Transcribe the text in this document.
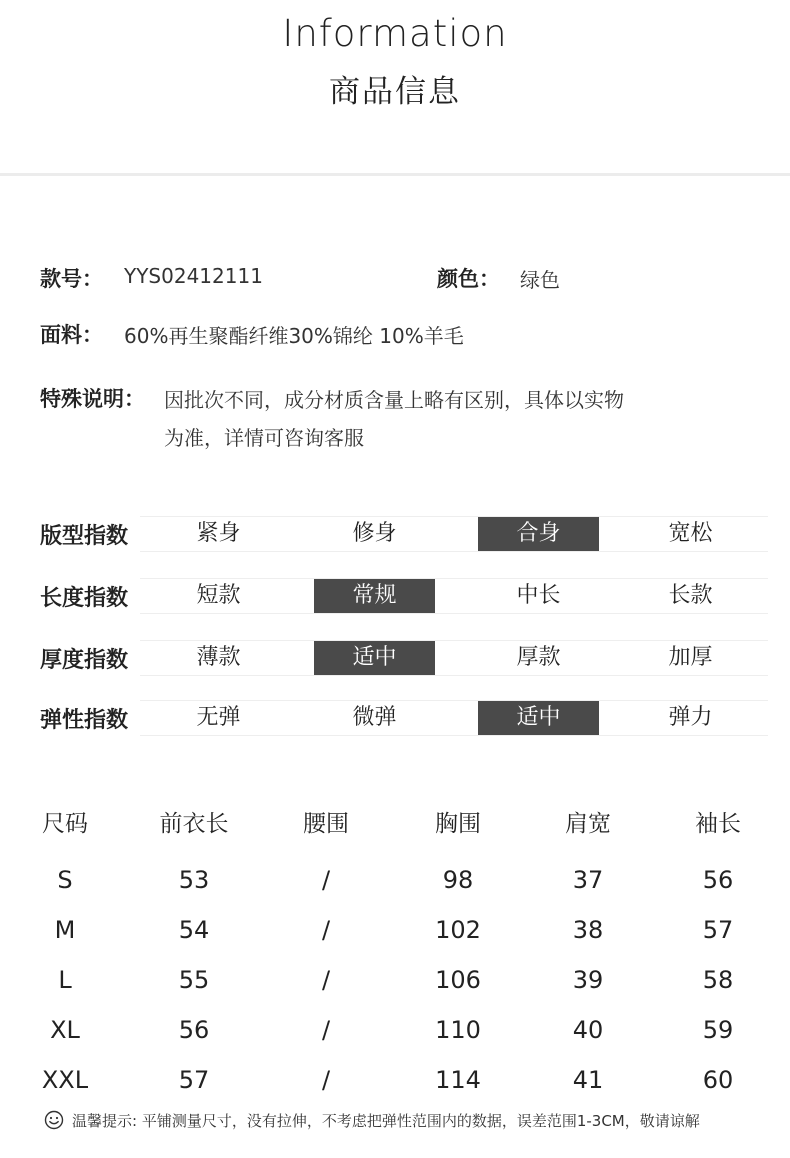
Information
商品信息
款号： YYS02412111	颜色： 绿色
面料： 60%再生聚酯纤维30%锦纶 10%羊毛
特殊说明： 因批次不同，成分材质含量上略有区别，具体以实物
为准，详情可咨询客服
版型指数	紧身	修身	合身	宽松
长度指数	短款	常规	中长	长款
厚度指数	薄款	适中	厚款	加厚
弹性指数	无弹	微弹	适中	弹力
尺码	前衣长	腰围	胸围	肩宽	袖长
S	53	/	98	37	56
M	54	/	102	38	57
L	55	/	106	39	58
XL	56	/	110	40	59
XXL	57	/	114	41	60
温馨提示: 平铺测量尺寸，没有拉伸，不考虑把弹性范围内的数据，误差范围1-3CM，敬请谅解
